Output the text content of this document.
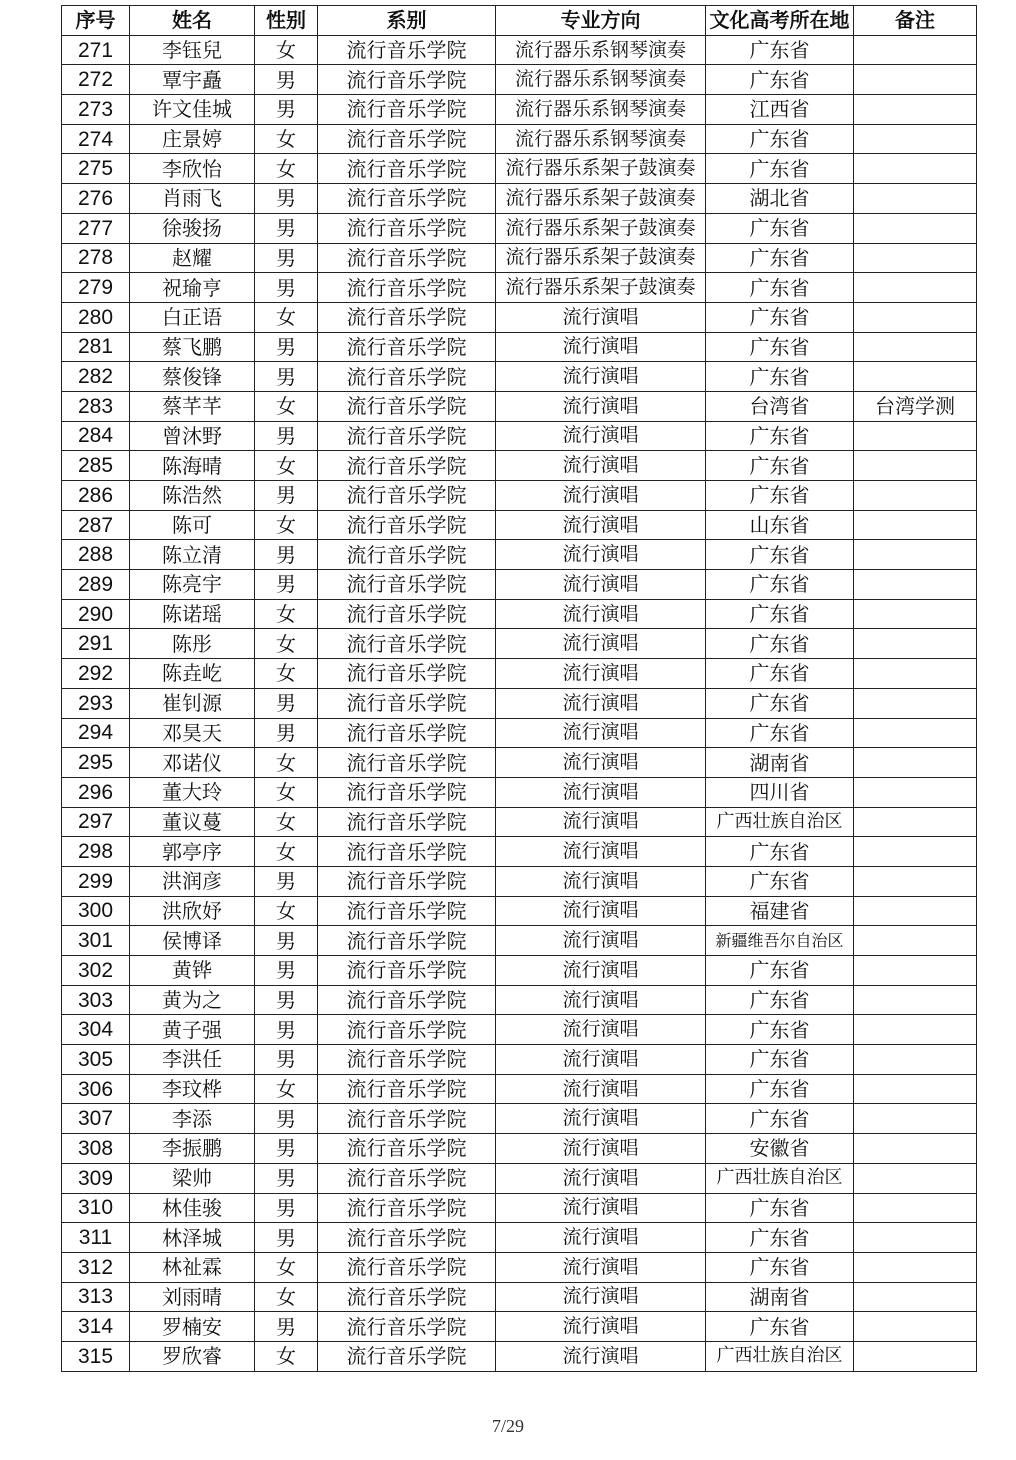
序号	姓名	性别	系别	专业方向	文化高考所在地	备注
271	李钰兒	女	流行音乐学院	流行器乐系钢琴演奏	广东省	
272	覃宇矗	男	流行音乐学院	流行器乐系钢琴演奏	广东省	
273	许文佳城	男	流行音乐学院	流行器乐系钢琴演奏	江西省	
274	庄景婷	女	流行音乐学院	流行器乐系钢琴演奏	广东省	
275	李欣怡	女	流行音乐学院	流行器乐系架子鼓演奏	广东省	
276	肖雨飞	男	流行音乐学院	流行器乐系架子鼓演奏	湖北省	
277	徐骏扬	男	流行音乐学院	流行器乐系架子鼓演奏	广东省	
278	赵耀	男	流行音乐学院	流行器乐系架子鼓演奏	广东省	
279	祝瑜亨	男	流行音乐学院	流行器乐系架子鼓演奏	广东省	
280	白正语	女	流行音乐学院	流行演唱	广东省	
281	蔡飞鹏	男	流行音乐学院	流行演唱	广东省	
282	蔡俊锋	男	流行音乐学院	流行演唱	广东省	
283	蔡芊芊	女	流行音乐学院	流行演唱	台湾省	台湾学测
284	曾沐野	男	流行音乐学院	流行演唱	广东省	
285	陈海晴	女	流行音乐学院	流行演唱	广东省	
286	陈浩然	男	流行音乐学院	流行演唱	广东省	
287	陈可	女	流行音乐学院	流行演唱	山东省	
288	陈立清	男	流行音乐学院	流行演唱	广东省	
289	陈亮宇	男	流行音乐学院	流行演唱	广东省	
290	陈诺瑶	女	流行音乐学院	流行演唱	广东省	
291	陈彤	女	流行音乐学院	流行演唱	广东省	
292	陈垚屹	女	流行音乐学院	流行演唱	广东省	
293	崔钊源	男	流行音乐学院	流行演唱	广东省	
294	邓昊天	男	流行音乐学院	流行演唱	广东省	
295	邓诺仪	女	流行音乐学院	流行演唱	湖南省	
296	董大玲	女	流行音乐学院	流行演唱	四川省	
297	董议蔓	女	流行音乐学院	流行演唱	广西壮族自治区	
298	郭亭序	女	流行音乐学院	流行演唱	广东省	
299	洪润彦	男	流行音乐学院	流行演唱	广东省	
300	洪欣妤	女	流行音乐学院	流行演唱	福建省	
301	侯博译	男	流行音乐学院	流行演唱	新疆维吾尔自治区	
302	黄铧	男	流行音乐学院	流行演唱	广东省	
303	黄为之	男	流行音乐学院	流行演唱	广东省	
304	黄子强	男	流行音乐学院	流行演唱	广东省	
305	李洪任	男	流行音乐学院	流行演唱	广东省	
306	李玟桦	女	流行音乐学院	流行演唱	广东省	
307	李添	男	流行音乐学院	流行演唱	广东省	
308	李振鹏	男	流行音乐学院	流行演唱	安徽省	
309	梁帅	男	流行音乐学院	流行演唱	广西壮族自治区	
310	林佳骏	男	流行音乐学院	流行演唱	广东省	
311	林泽城	男	流行音乐学院	流行演唱	广东省	
312	林祉霖	女	流行音乐学院	流行演唱	广东省	
313	刘雨晴	女	流行音乐学院	流行演唱	湖南省	
314	罗楠安	男	流行音乐学院	流行演唱	广东省	
315	罗欣睿	女	流行音乐学院	流行演唱	广西壮族自治区	
7/29
